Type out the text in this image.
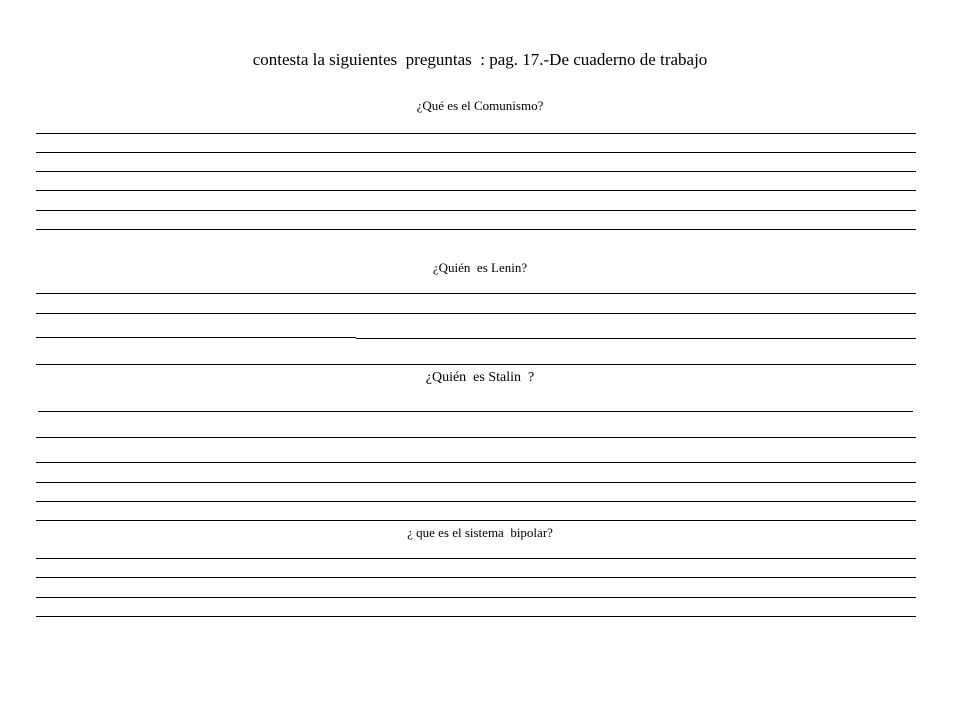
contesta la siguientes  preguntas  : pag. 17.-De cuaderno de trabajo
¿Qué es el Comunismo?
¿Quién  es Lenin?
¿Quién  es Stalin  ?
¿ que es el sistema  bipolar?
